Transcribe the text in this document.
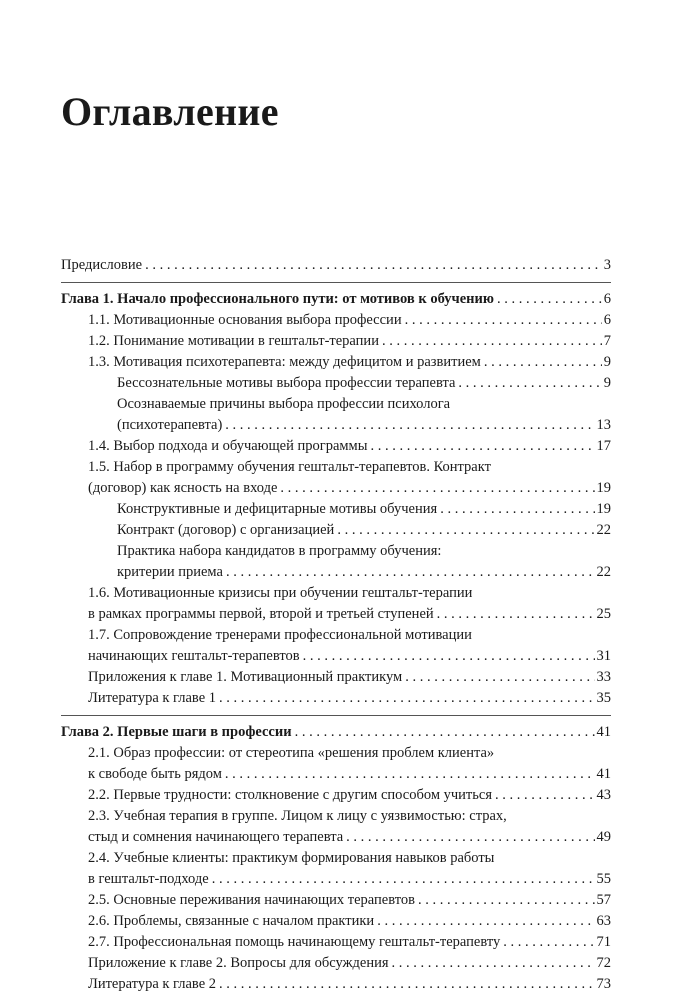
Оглавление
Предисловие . . .	3
Глава 1. Начало профессионального пути: от мотивов к обучению . . .	6
1.1. Мотивационные основания выбора профессии . . .	6
1.2. Понимание мотивации в гештальт-терапии . . .	7
1.3. Мотивация психотерапевта: между дефицитом и развитием . . .	9
Бессознательные мотивы выбора профессии терапевта . . .	9
Осознаваемые причины выбора профессии психолога
(психотерапевта) . . .	13
1.4. Выбор подхода и обучающей программы . . .	17
1.5. Набор в программу обучения гештальт-терапевтов. Контракт
(договор) как ясность на входе . . .	19
Конструктивные и дефицитарные мотивы обучения . . .	19
Контракт (договор) с организацией . . .	22
Практика набора кандидатов в программу обучения:
критерии приема . . .	22
1.6. Мотивационные кризисы при обучении гештальт-терапии
в рамках программы первой, второй и третьей ступеней . . .	25
1.7. Сопровождение тренерами профессиональной мотивации
начинающих гештальт-терапевтов . . .	31
Приложения к главе 1. Мотивационный практикум . . .	33
Литература к главе 1 . . .	35
Глава 2. Первые шаги в профессии . . .	41
2.1. Образ профессии: от стереотипа «решения проблем клиента»
к свободе быть рядом . . .	41
2.2. Первые трудности: столкновение с другим способом учиться . . .	43
2.3. Учебная терапия в группе. Лицом к лицу с уязвимостью: страх,
стыд и сомнения начинающего терапевта . . .	49
2.4. Учебные клиенты: практикум формирования навыков работы
в гештальт-подходе . . .	55
2.5. Основные переживания начинающих терапевтов . . .	57
2.6. Проблемы, связанные с началом практики . . .	63
2.7. Профессиональная помощь начинающему гештальт-терапевту . . .	71
Приложение к главе 2. Вопросы для обсуждения . . .	72
Литература к главе 2 . . .	73
